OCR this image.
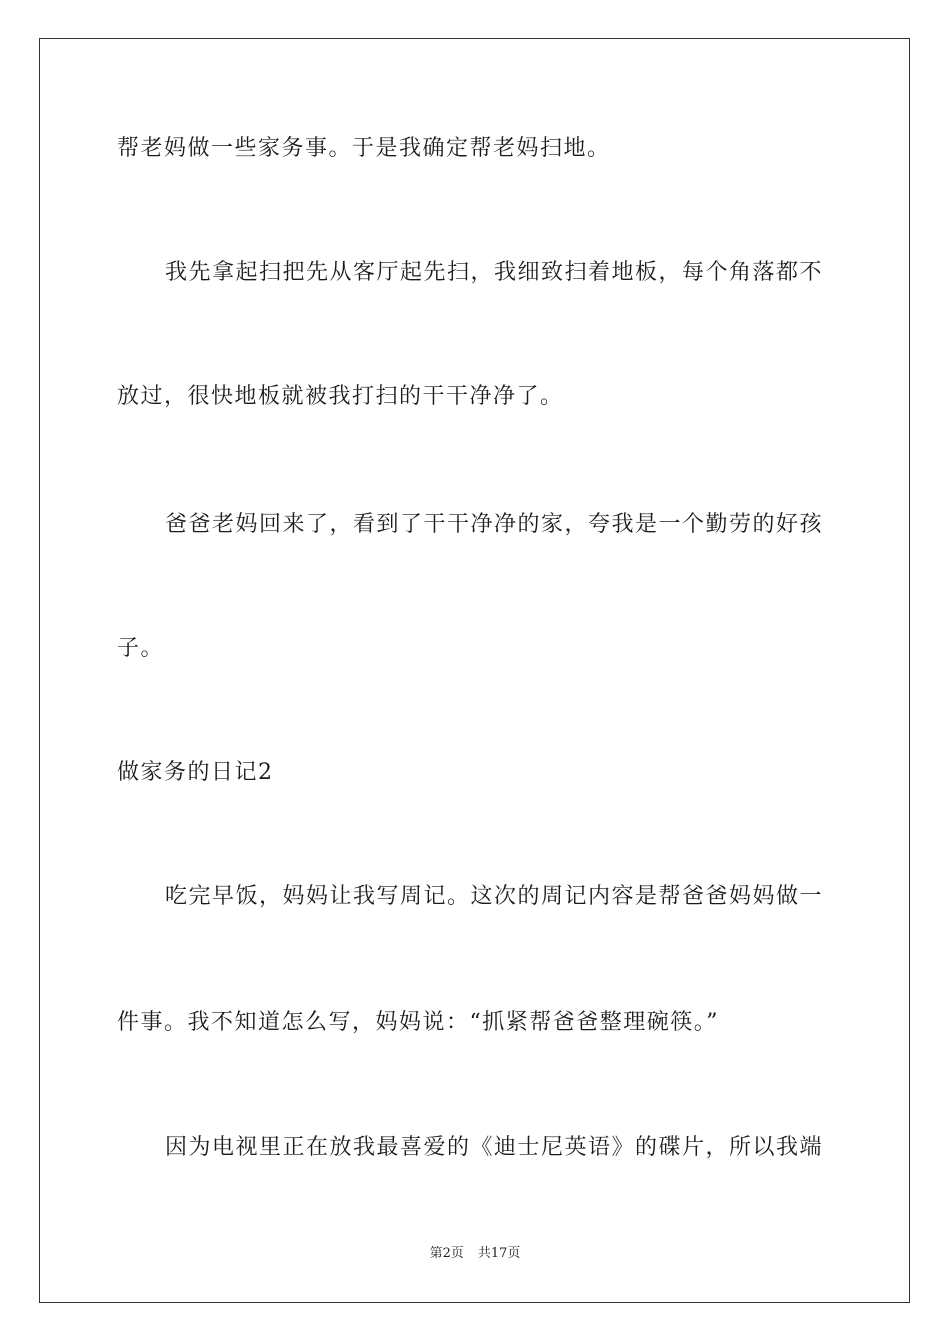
帮老妈做一些家务事。于是我确定帮老妈扫地。
我先拿起扫把先从客厅起先扫，我细致扫着地板，每个角落都不
放过，很快地板就被我打扫的干干净净了。
爸爸老妈回来了，看到了干干净净的家，夸我是一个勤劳的好孩
子。
做家务的日记2
吃完早饭，妈妈让我写周记。这次的周记内容是帮爸爸妈妈做一
件事。我不知道怎么写，妈妈说：“抓紧帮爸爸整理碗筷。”
因为电视里正在放我最喜爱的《迪士尼英语》的碟片，所以我端
第2页 共17页
